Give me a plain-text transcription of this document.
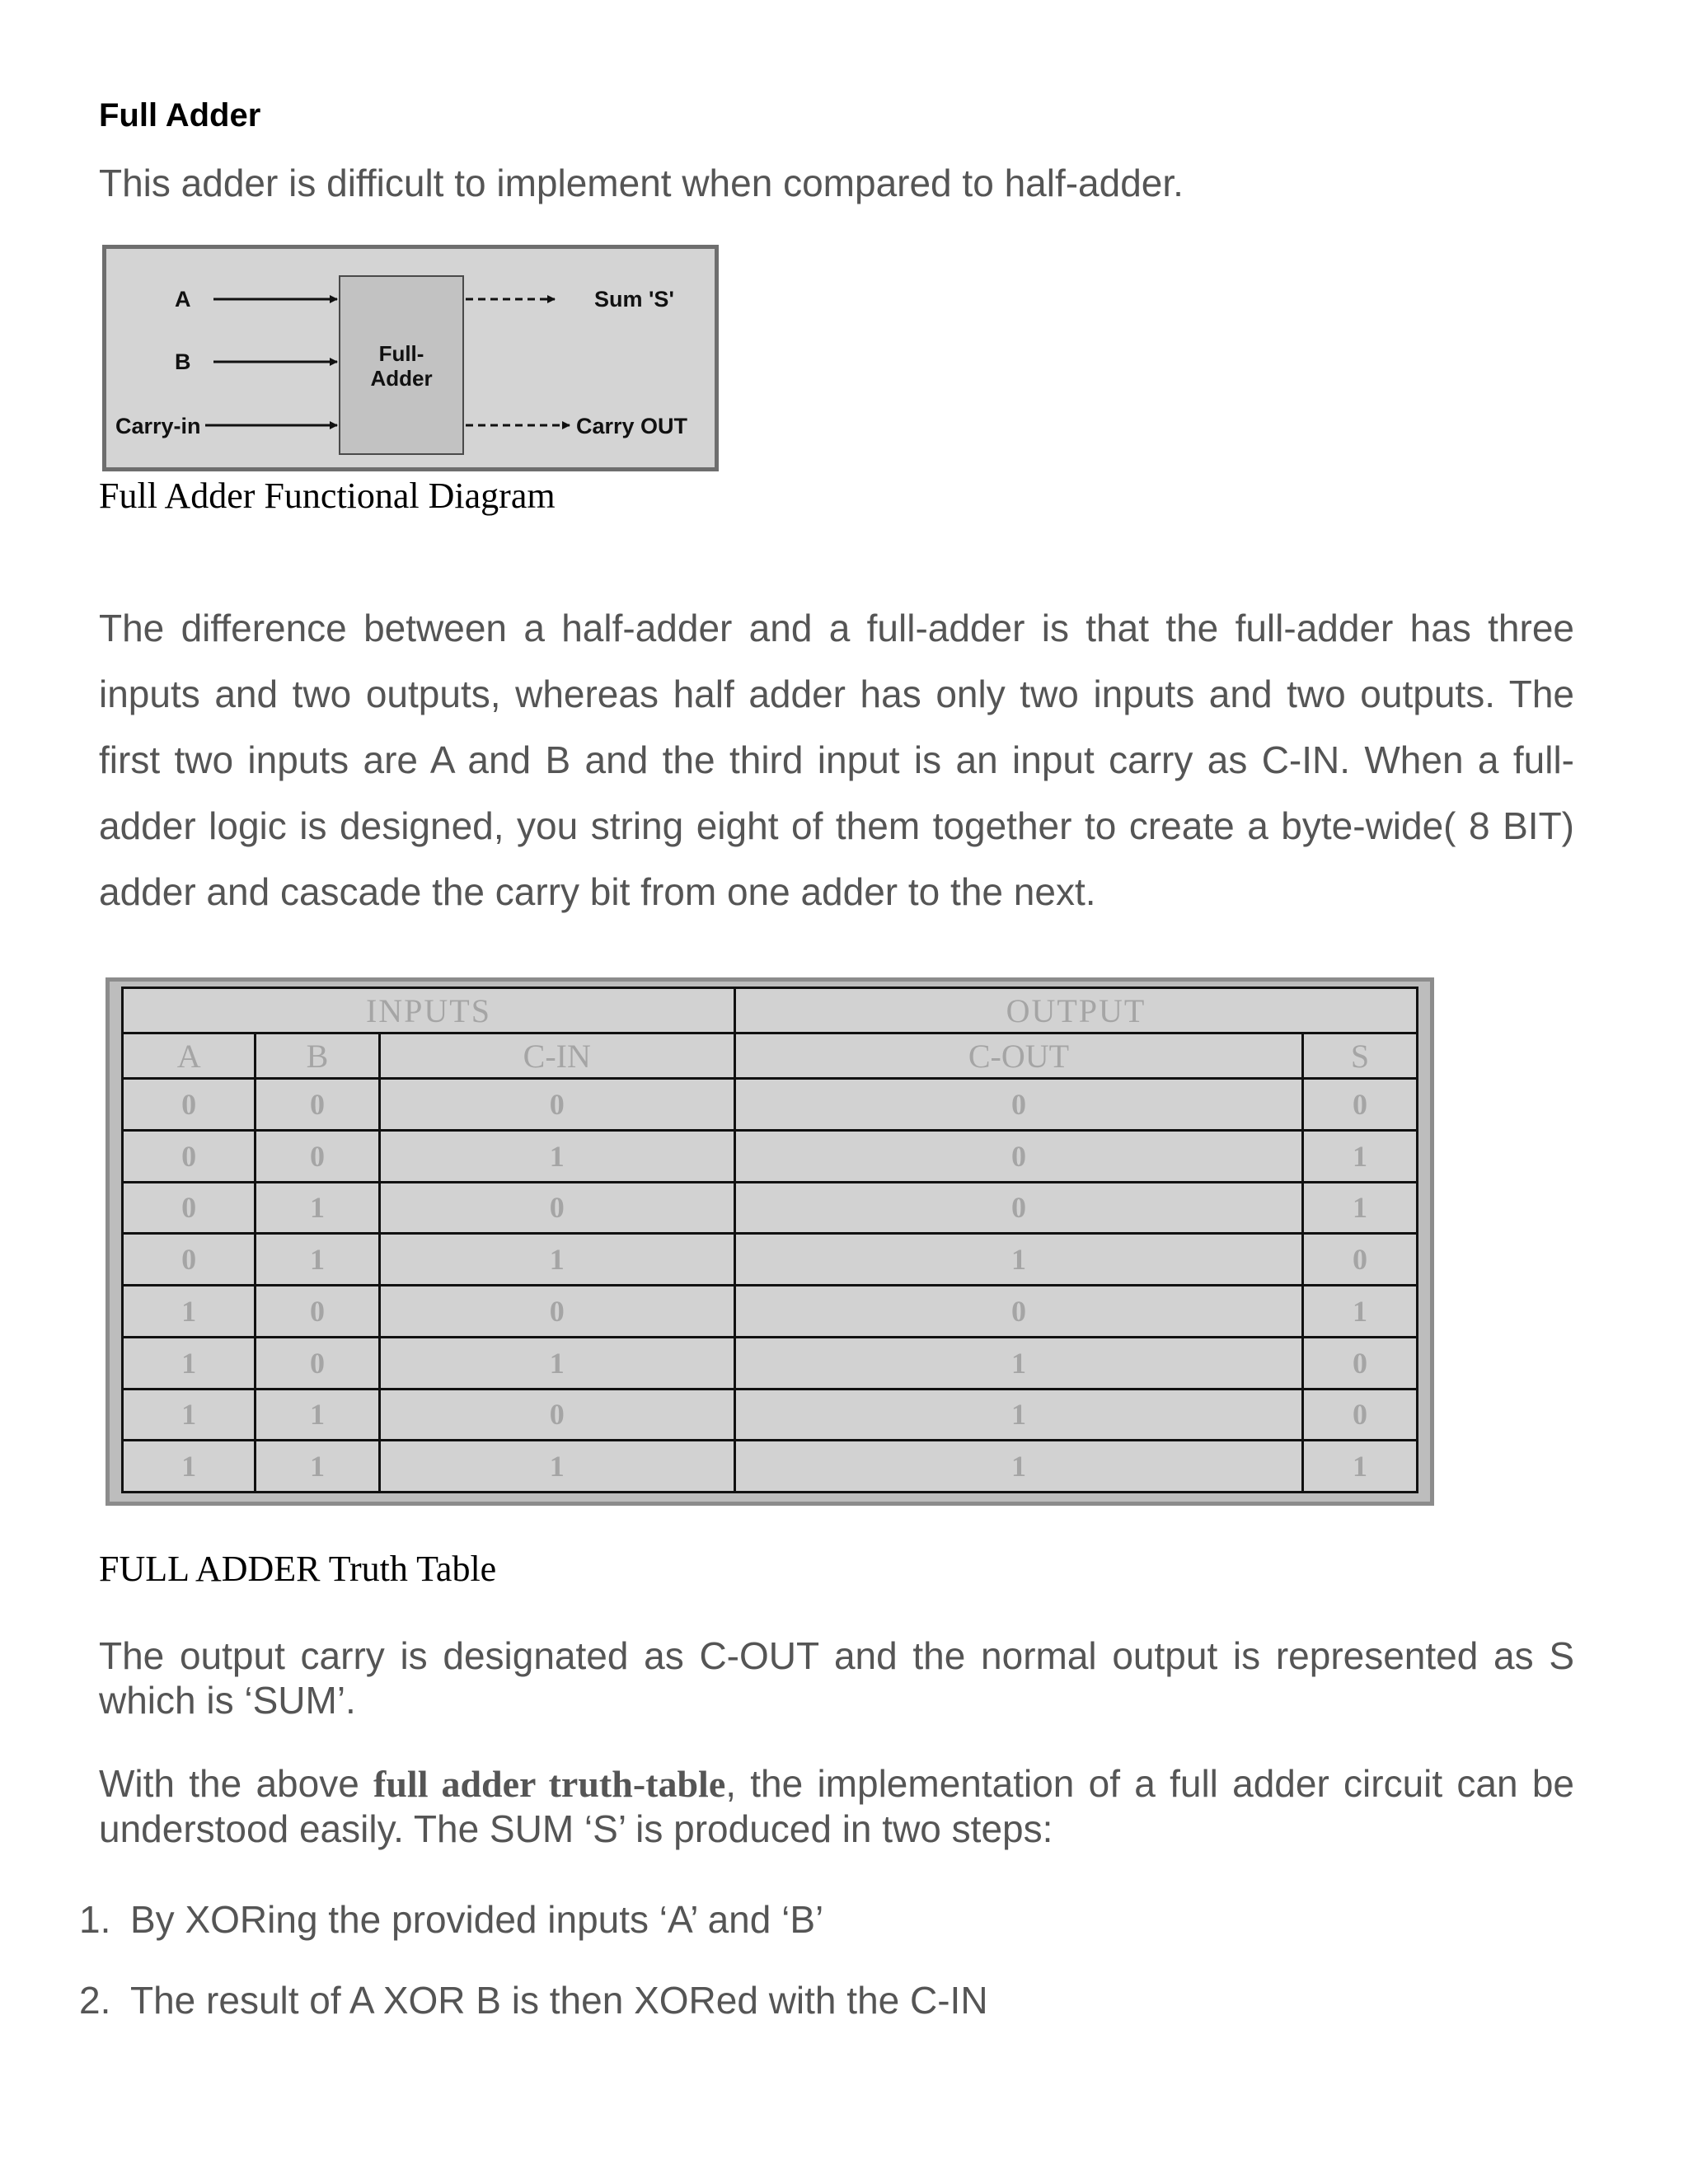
Full Adder
This adder is difficult to implement when compared to half-adder.
A
B
Carry-in
Full-
Adder
Sum 'S'
Carry OUT
Full Adder Functional Diagram
The difference between a half-adder and a full-adder is that the full-adder has three inputs and two outputs, whereas half adder has only two inputs and two outputs. The first two inputs are A and B and the third input is an input carry as C-IN. When a full-adder logic is designed, you string eight of them together to create a byte-wide( 8 BIT) adder and cascade the carry bit from one adder to the next.
INPUTS			OUTPUT	
A	B	C-IN	C-OUT	S
0	0	0	0	0
0	0	1	0	1
0	1	0	0	1
0	1	1	1	0
1	0	0	0	1
1	0	1	1	0
1	1	0	1	0
1	1	1	1	1
FULL ADDER Truth Table
The output carry is designated as C-OUT and the normal output is represented as S which is ‘SUM’.
With the above full adder truth-table, the implementation of a full adder circuit can be understood easily. The SUM ‘S’ is produced in two steps:
1. By XORing the provided inputs ‘A’ and ‘B’
2. The result of A XOR B is then XORed with the C-IN
